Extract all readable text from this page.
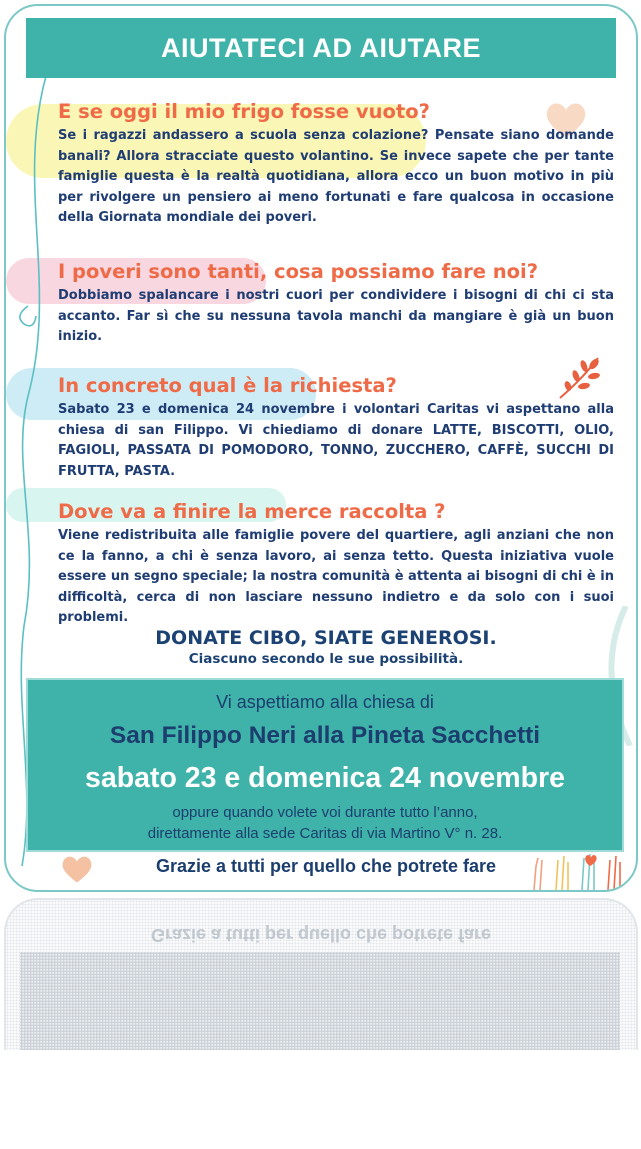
AIUTATECI AD AIUTARE

E se oggi il mio frigo fosse vuoto?

Se i ragazzi andassero a scuola senza colazione? Pensate siano domande banali? Allora stracciate questo volantino. Se invece sapete che per tante famiglie questa è la realtà quotidiana, allora ecco un buon motivo in più per rivolgere un pensiero ai meno fortunati e fare qualcosa in occasione della Giornata mondiale dei poveri.

I poveri sono tanti, cosa possiamo fare noi?

Dobbiamo spalancare i nostri cuori per condividere i bisogni di chi ci sta accanto. Far sì che su nessuna tavola manchi da mangiare è già un buon inizio.

In concreto qual è la richiesta?

Sabato 23 e domenica 24 novembre i volontari Caritas vi aspettano alla chiesa di san Filippo. Vi chiediamo di donare LATTE, BISCOTTI, OLIO, FAGIOLI, PASSATA DI POMODORO, TONNO, ZUCCHERO, CAFFÈ, SUCCHI DI FRUTTA, PASTA.

Dove va a finire la merce raccolta ?

Viene redistribuita alle famiglie povere del quartiere, agli anziani che non ce la fanno, a chi è senza lavoro, ai senza tetto. Questa iniziativa vuole essere un segno speciale; la nostra comunità è attenta ai bisogni di chi è in difficoltà, cerca di non lasciare nessuno indietro e da solo con i suoi problemi.

DONATE CIBO, SIATE GENEROSI.
Ciascuno secondo le sue possibilità.
Vi aspettiamo alla chiesa di
San Filippo Neri alla Pineta Sacchetti
sabato 23 e domenica 24 novembre
oppure quando volete voi durante tutto l’anno,
direttamente alla sede Caritas di via Martino V° n. 28.
Grazie a tutti per quello che potrete fare
Grazie a tutti per quello che potrete fare
